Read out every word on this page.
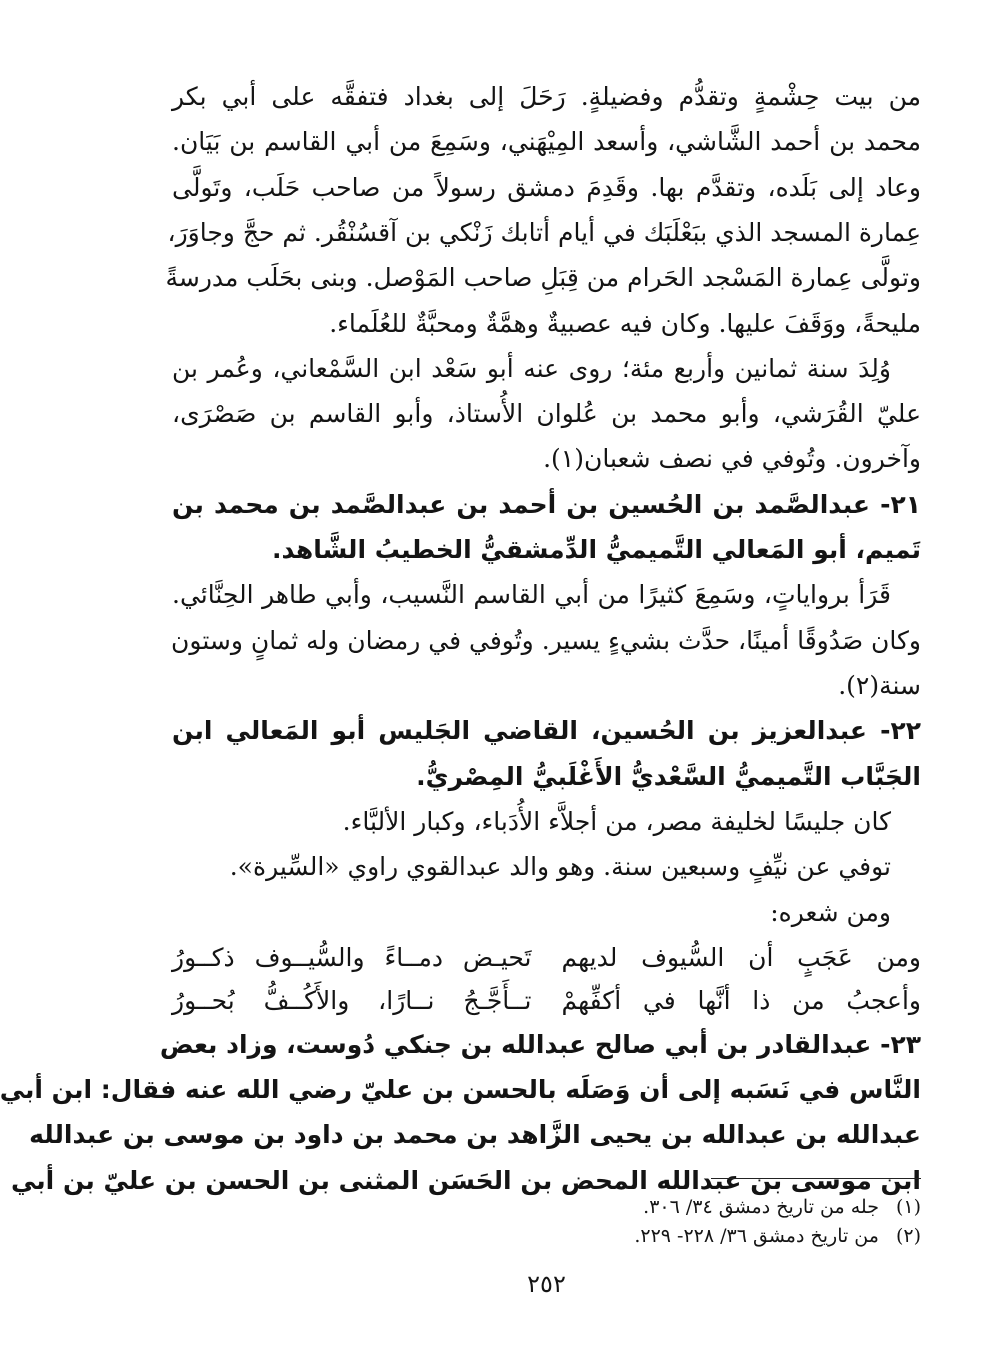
من بيت حِشْمةٍ وتقدُّم وفضيلةٍ. رَحَلَ إلى بغداد فتفقَّه على أبي بكر
محمد بن أحمد الشَّاشي، وأسعد المِيْهَني، وسَمِعَ من أبي القاسم بن بَيَان.
وعاد إلى بَلَده، وتقدَّم بها. وقَدِمَ دمشق رسولاً من صاحب حَلَب، وتَولَّى
عِمارة المسجد الذي ببَعْلَبَك في أيام أتابك زَنْكي بن آقسُنْقُر. ثم حجَّ وجاوَرَ،
وتولَّى عِمارة المَسْجد الحَرام من قِبَلِ صاحب المَوْصل. وبنى بحَلَب مدرسةً
مليحةً، ووَقَفَ عليها. وكان فيه عصبيةٌ وهمَّةٌ ومحبَّةٌ للعُلَماء.
وُلِدَ سنة ثمانين وأربع مئة؛ روى عنه أبو سَعْد ابن السَّمْعاني، وعُمر بن
عليّ القُرَشي، وأبو محمد بن عُلوان الأُستاذ، وأبو القاسم بن صَصْرَى،
وآخرون. وتُوفي في نصف شعبان(١).
٢١- عبدالصَّمد بن الحُسين بن أحمد بن عبدالصَّمد بن محمد بن
تَميم، أبو المَعالي التَّميميُّ الدِّمشقيُّ الخطيبُ الشَّاهد.
قَرَأ برواياتٍ، وسَمِعَ كثيرًا من أبي القاسم النَّسيب، وأبي طاهر الحِنَّائي.
وكان صَدُوقًا أمينًا، حدَّث بشيءٍ يسير. وتُوفي في رمضان وله ثمانٍ وستون
سنة(٢).
٢٢- عبدالعزيز بن الحُسين، القاضي الجَليس أبو المَعالي ابن
الجَبَّاب التَّميميُّ السَّعْديُّ الأَغْلَبيُّ المِصْريُّ.
كان جليسًا لخليفة مصر، من أجلاَّء الأُدَباء، وكبار الألبَّاء.
توفي عن نيِّفٍ وسبعين سنة. وهو والد عبدالقوي راوي «السِّيرة».
ومن شعره:
ومن عَجَبٍ أن السُّيوف لديهم
تَحيـض دمــاءً والسُّيــوف ذكــورُ
وأعجبُ من ذا أنَّها في أكفِّهمْ
تــأَجَّـجُ نــارًا، والأَكُــفُّ بُحــورُ
٢٣- عبدالقادر بن أبي صالح عبدالله بن جنكي دُوست، وزاد بعض
النَّاس في نَسَبه إلى أن وَصَلَه بالحسن بن عليّ رضي الله عنه فقال: ابن أبي
عبدالله بن عبدالله بن يحيى الزَّاهد بن محمد بن داود بن موسى بن عبدالله
ابن موسى بن عبدالله المحض بن الحَسَن المثنى بن الحسن بن عليّ بن أبي
(١) جله من تاريخ دمشق ٣٤/ ٣٠٦.
(٢) من تاريخ دمشق ٣٦/ ٢٢٨- ٢٢٩.
٢٥٢
